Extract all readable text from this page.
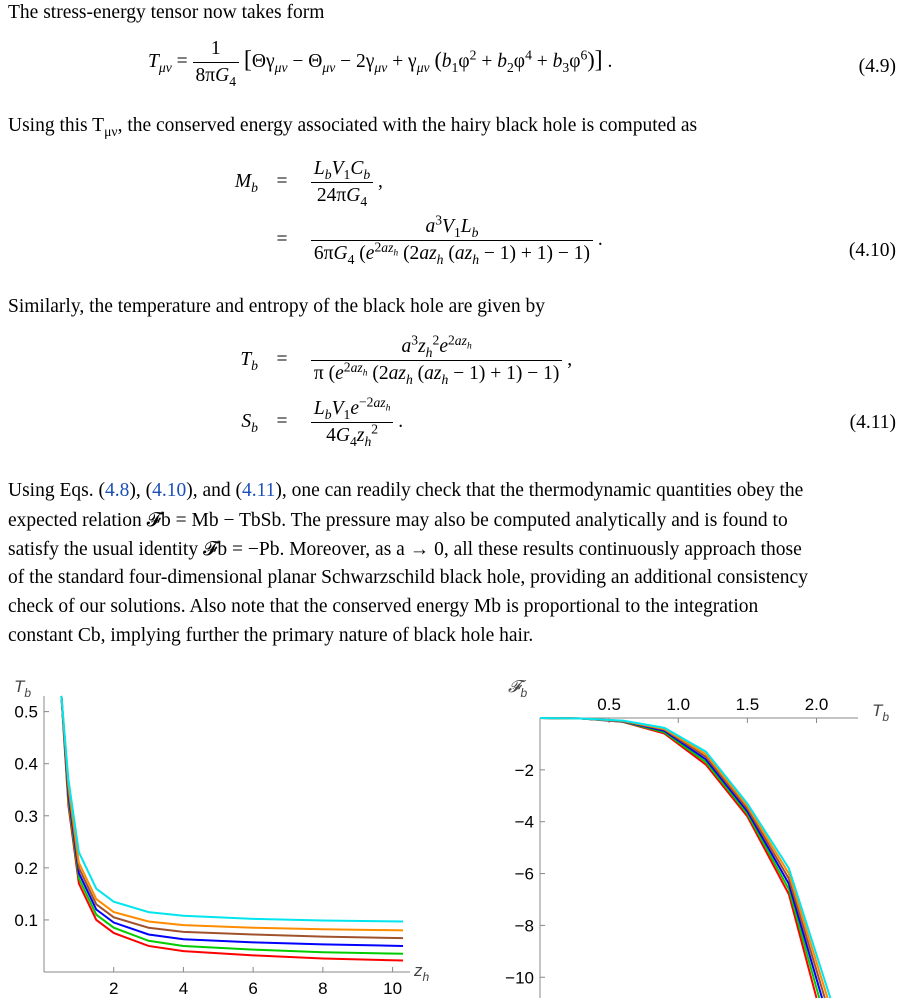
The stress-energy tensor now takes form
$T_{\mu\nu} = \frac{1}{8\pi G_4} [\Theta\gamma_{\mu\nu} - \Theta_{\mu\nu} - 2\gamma_{\mu\nu} + \gamma_{\mu\nu}$ $(b_1\varphi^2 + b_2\varphi^4 + b_3\varphi^6)$] .	(4.9)
Using this $T_{\mu\nu}$, the conserved energy associated with the hairy black hole is computed as
$M_b = \frac{L_bV_1C_b}{24\pi G_4}$ ,
= $\frac{a^3V_1L_b}{6\pi G_4 (e^{2az_h} (2az_h (az_h - 1) + 1) - 1)}$ .
(4.10)
Similarly, the temperature and entropy of the black hole are given by
$T_b = \frac{a^3z_h^2e^{2az_h}}{\pi (e^{2az_h} (2az_h (az_h - 1) + 1) - 1)}$ ,
$S_b = \frac{L_bV_1e^{-2az_h}}{4G_4z_h^2}$ .	(4.11)
Using Eqs. (4.8), (4.10), and (4.11), one can readily check that the thermodynamic quantities obey the
expected relation 𝓕b = Mb − TbSb. The pressure may also be computed analytically and is found to
satisfy the usual identity 𝓕b = −Pb. Moreover, as a → 0, all these results continuously approach those
of the standard four-dimensional planar Schwarzschild black hole, providing an additional consistency
check of our solutions. Also note that the conserved energy Mb is proportional to the integration
constant Cb, implying further the primary nature of black hole hair.
2	4	6	8	10
0.1
0.2
0.3
0.4
0.5
$T_b$
$z_h$
0.5	1.0	1.5	2.0
−2
−4
−6
−8
−10
𝓕$_b$
$T_b$
